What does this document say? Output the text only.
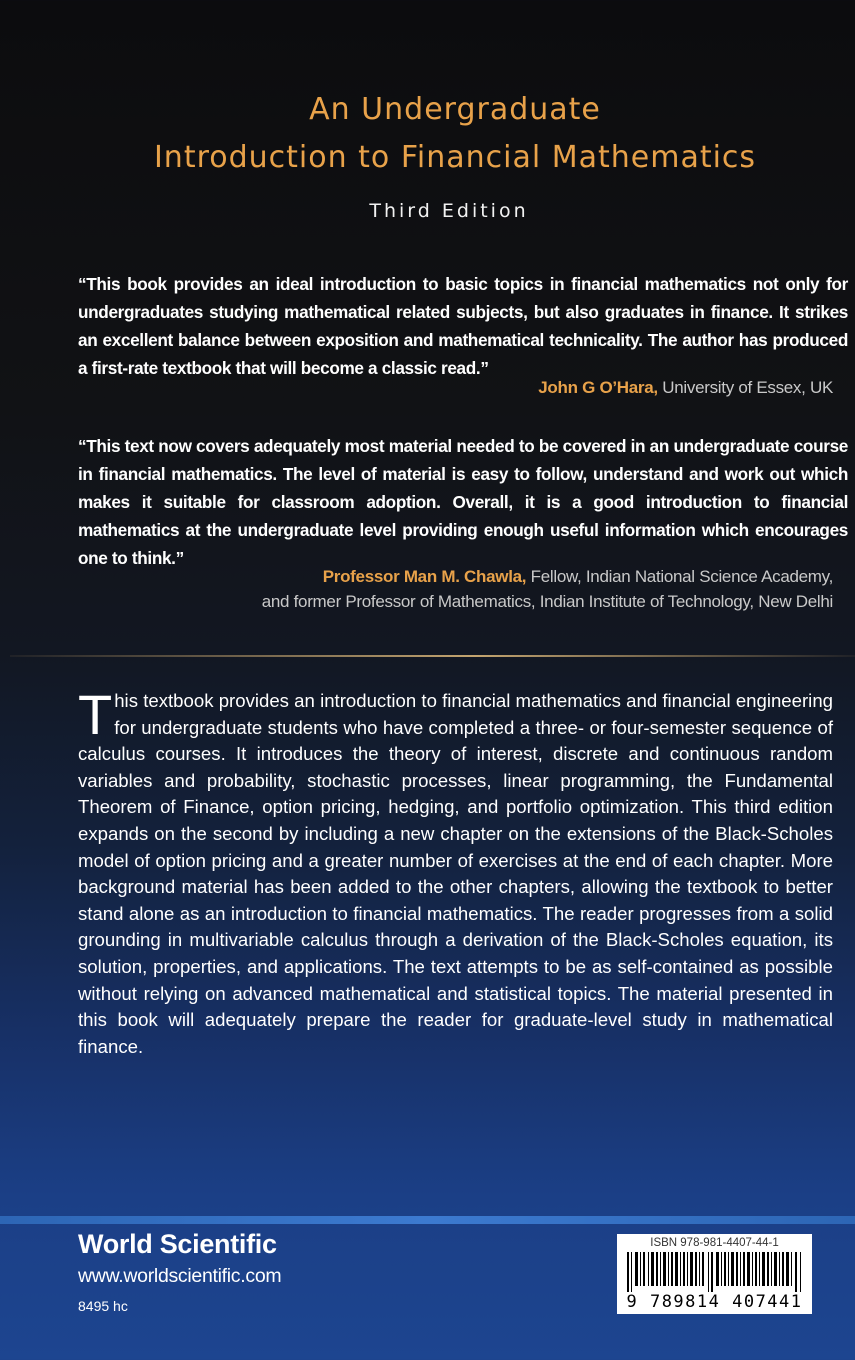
An Undergraduate
Introduction to Financial Mathematics
Third Edition
“This book provides an ideal introduction to basic topics in financial mathematics not only for undergraduates studying mathematical related subjects, but also graduates in finance. It strikes an excellent balance between exposition and mathematical technicality. The author has produced a first-rate textbook that will become a classic read.”
John G O’Hara, University of Essex, UK
“This text now covers adequately most material needed to be covered in an undergraduate course in financial mathematics. The level of material is easy to follow, understand and work out which makes it suitable for classroom adoption. Overall, it is a good introduction to financial mathematics at the undergraduate level providing enough useful information which encourages one to think.”
Professor Man M. Chawla, Fellow, Indian National Science Academy,
and former Professor of Mathematics, Indian Institute of Technology, New Delhi
This textbook provides an introduction to financial mathematics and financial engineering for undergraduate students who have completed a three- or four-semester sequence of calculus courses. It introduces the theory of interest, discrete and continuous random variables and probability, stochastic processes, linear programming, the Fundamental Theorem of Finance, option pricing, hedging, and portfolio optimization. This third edition expands on the second by including a new chapter on the extensions of the Black-Scholes model of option pricing and a greater number of exercises at the end of each chapter. More background material has been added to the other chapters, allowing the textbook to better stand alone as an introduction to financial mathematics. The reader progresses from a solid grounding in multivariable calculus through a derivation of the Black-Scholes equation, its solution, properties, and applications. The text attempts to be as self-contained as possible without relying on advanced mathematical and statistical topics. The material presented in this book will adequately prepare the reader for graduate-level study in mathematical finance.
World Scientific
www.worldscientific.com
8495 hc
ISBN 978-981-4407-44-1
9 789814 407441
